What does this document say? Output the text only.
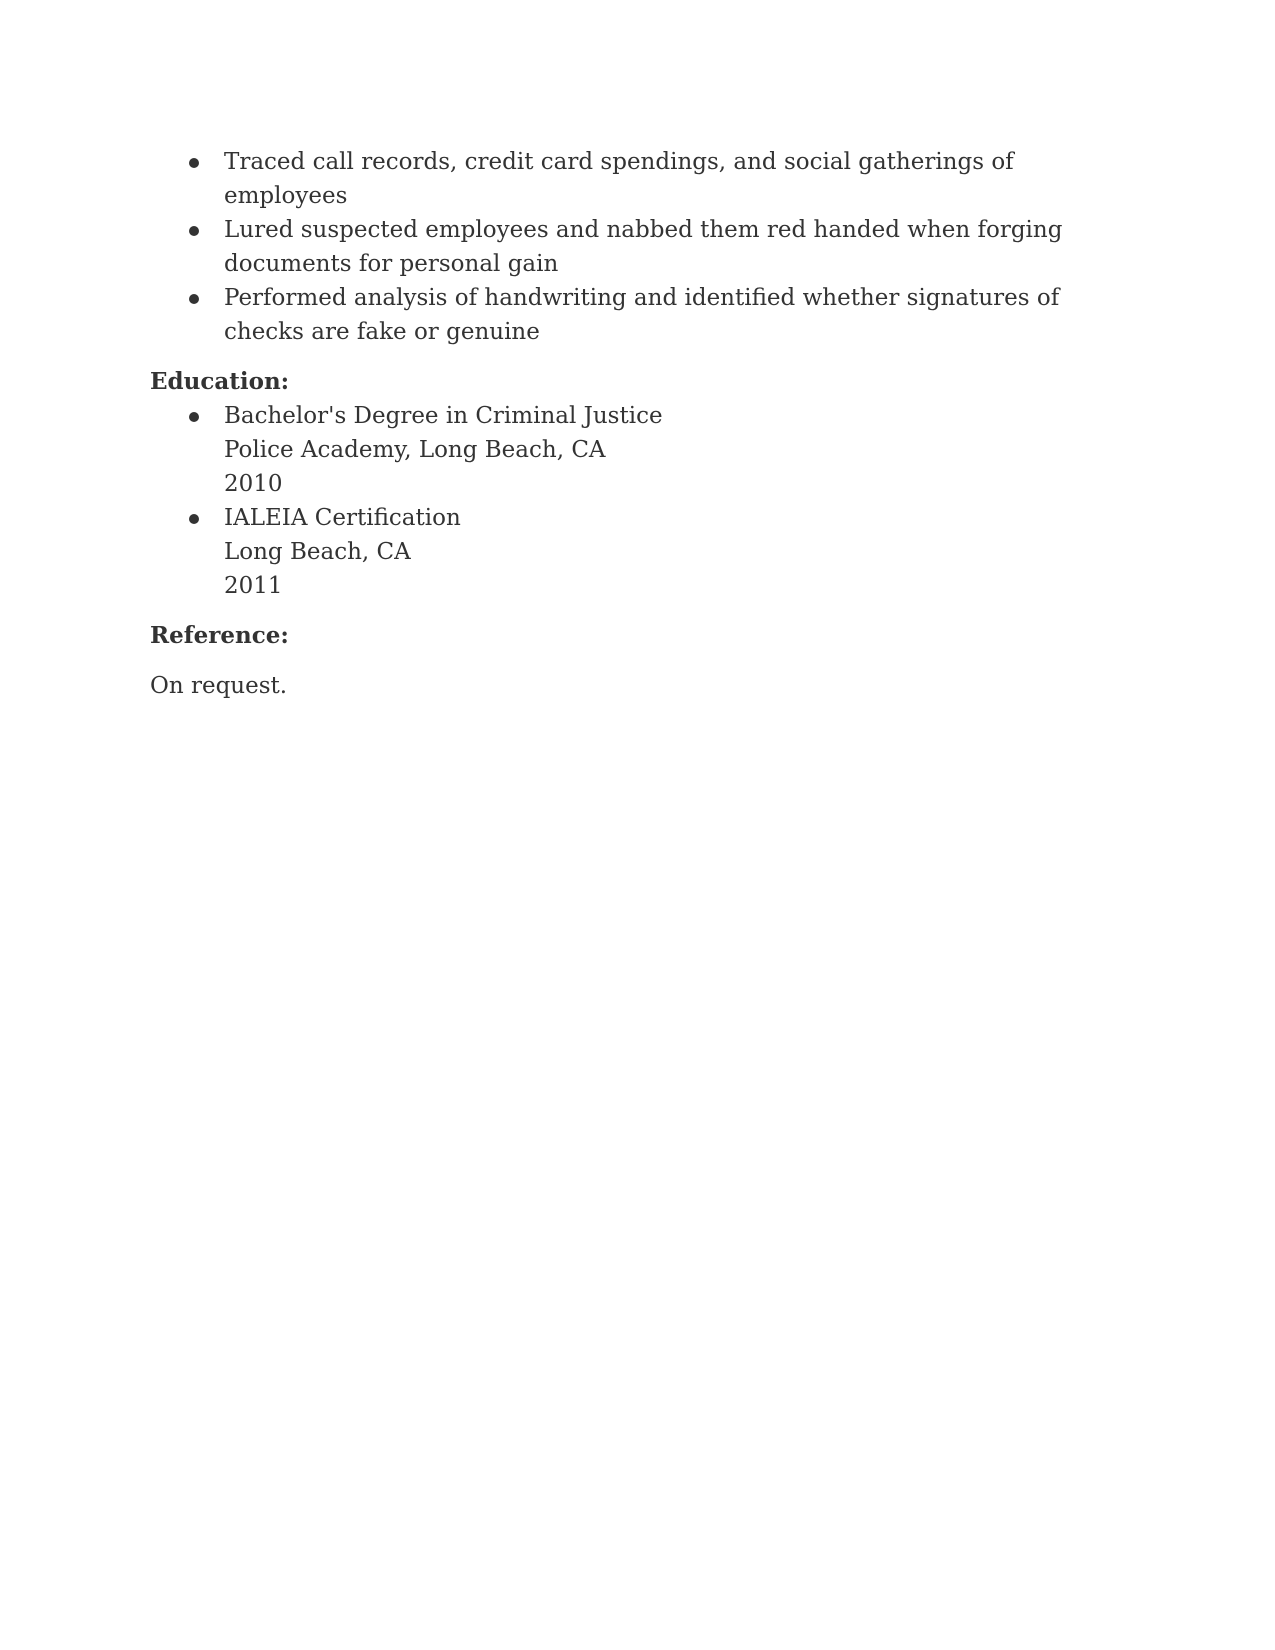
Traced call records, credit card spendings, and social gatherings of employees
Lured suspected employees and nabbed them red handed when forging documents for personal gain
Performed analysis of handwriting and identified whether signatures of checks are fake or genuine
Education:
Bachelor's Degree in Criminal Justice
Police Academy, Long Beach, CA
2010
IALEIA Certification
Long Beach, CA
2011
Reference:

On request.
